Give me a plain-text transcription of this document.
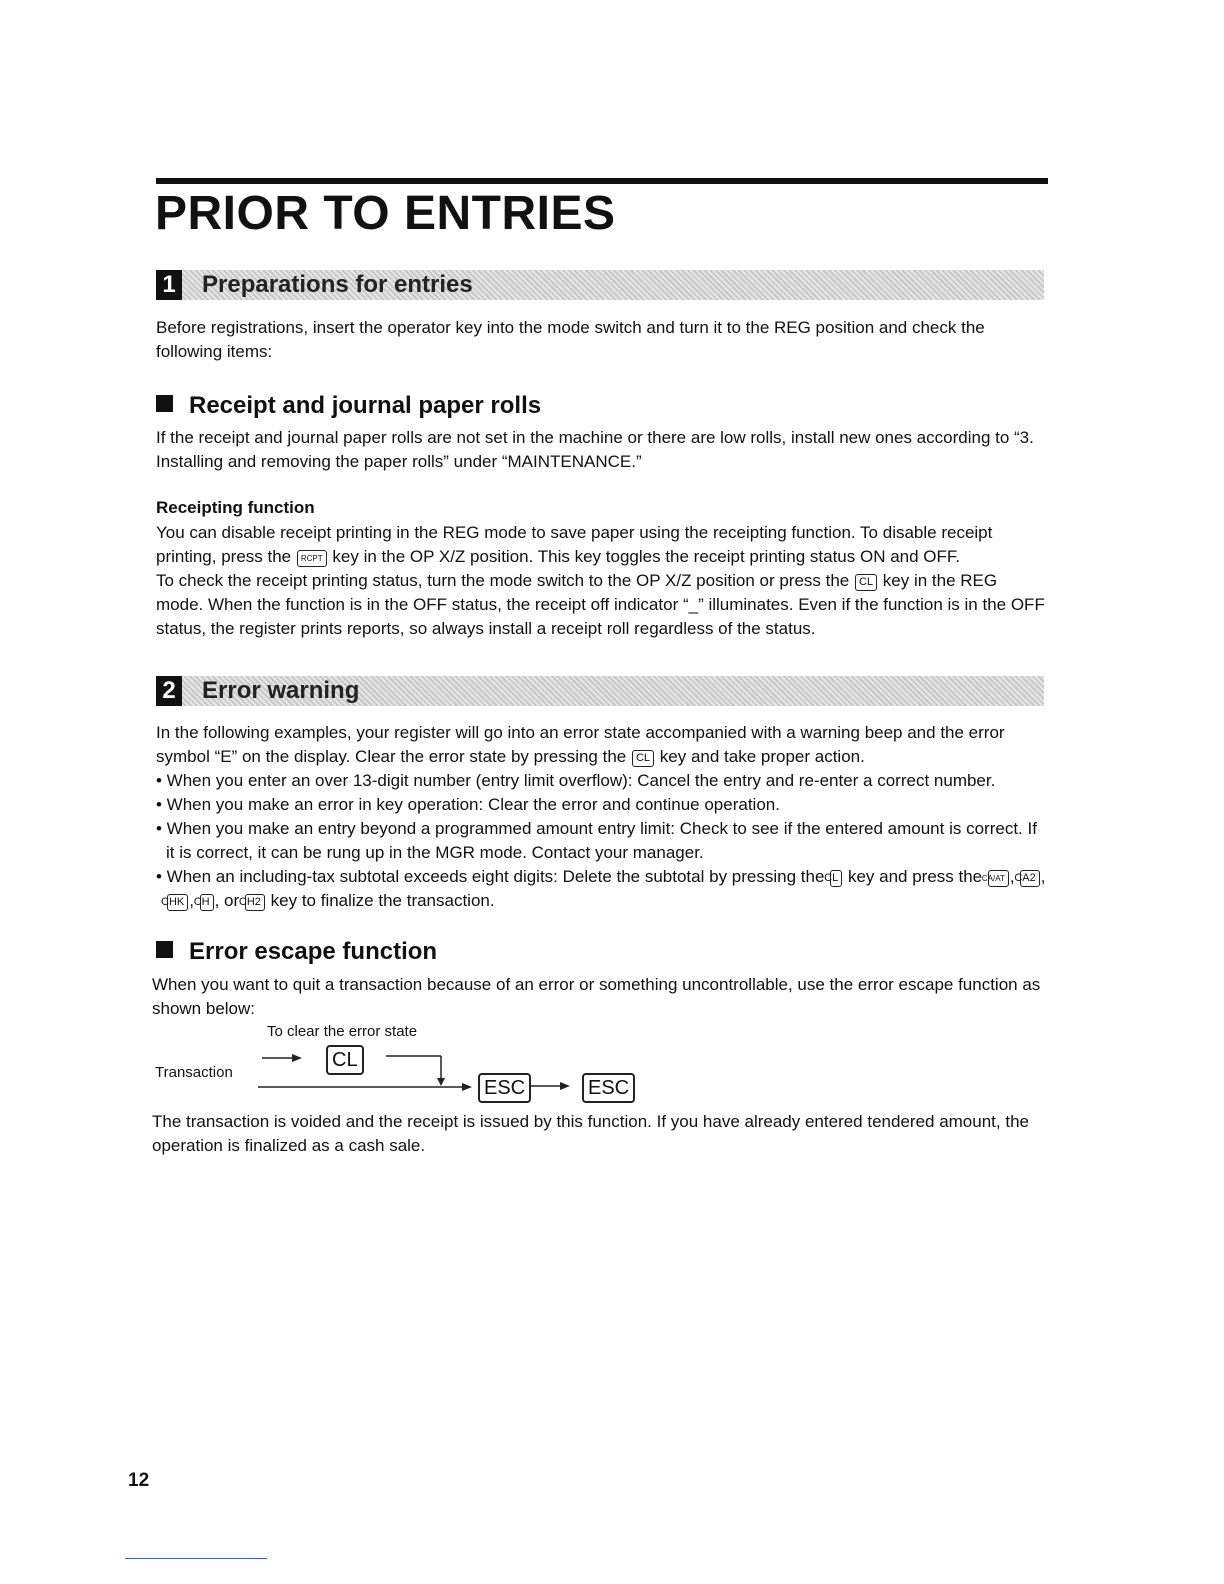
PRIOR TO ENTRIES
1 Preparations for entries

Before registrations, insert the operator key into the mode switch and turn it to the REG position and check the following items:

Receipt and journal paper rolls

If the receipt and journal paper rolls are not set in the machine or there are low rolls, install new ones according to “3. Installing and removing the paper rolls” under “MAINTENANCE.”

Receipting function

You can disable receipt printing in the REG mode to save paper using the receipting function. To disable receipt printing, press the RCPT key in the OP X/Z position. This key toggles the receipt printing status ON and OFF.

To check the receipt printing status, turn the mode switch to the OP X/Z position or press the CL key in the REG mode. When the function is in the OFF status, the receipt off indicator “_” illuminates. Even if the function is in the OFF status, the register prints reports, so always install a receipt roll regardless of the status.

2 Error warning

In the following examples, your register will go into an error state accompanied with a warning beep and the error symbol “E” on the display. Clear the error state by pressing the CL key and take proper action.

• When you enter an over 13-digit number (entry limit overflow): Cancel the entry and re-enter a correct number.
• When you make an error in key operation: Clear the error and continue operation.
• When you make an entry beyond a programmed amount entry limit: Check to see if the entered amount is correct. If it is correct, it can be rung up in the MGR mode. Contact your manager.
• When an including-tax subtotal exceeds eight digits: Delete the subtotal by pressing the CL key and press the CA/AT , CA2 , CHK , CH , or CH2 key to finalize the transaction.
Error escape function

When you want to quit a transaction because of an error or something uncontrollable, use the error escape function as shown below:

To clear the error state
Transaction
CL
ESC	ESC

The transaction is voided and the receipt is issued by this function. If you have already entered tendered amount, the operation is finalized as a cash sale.

12
